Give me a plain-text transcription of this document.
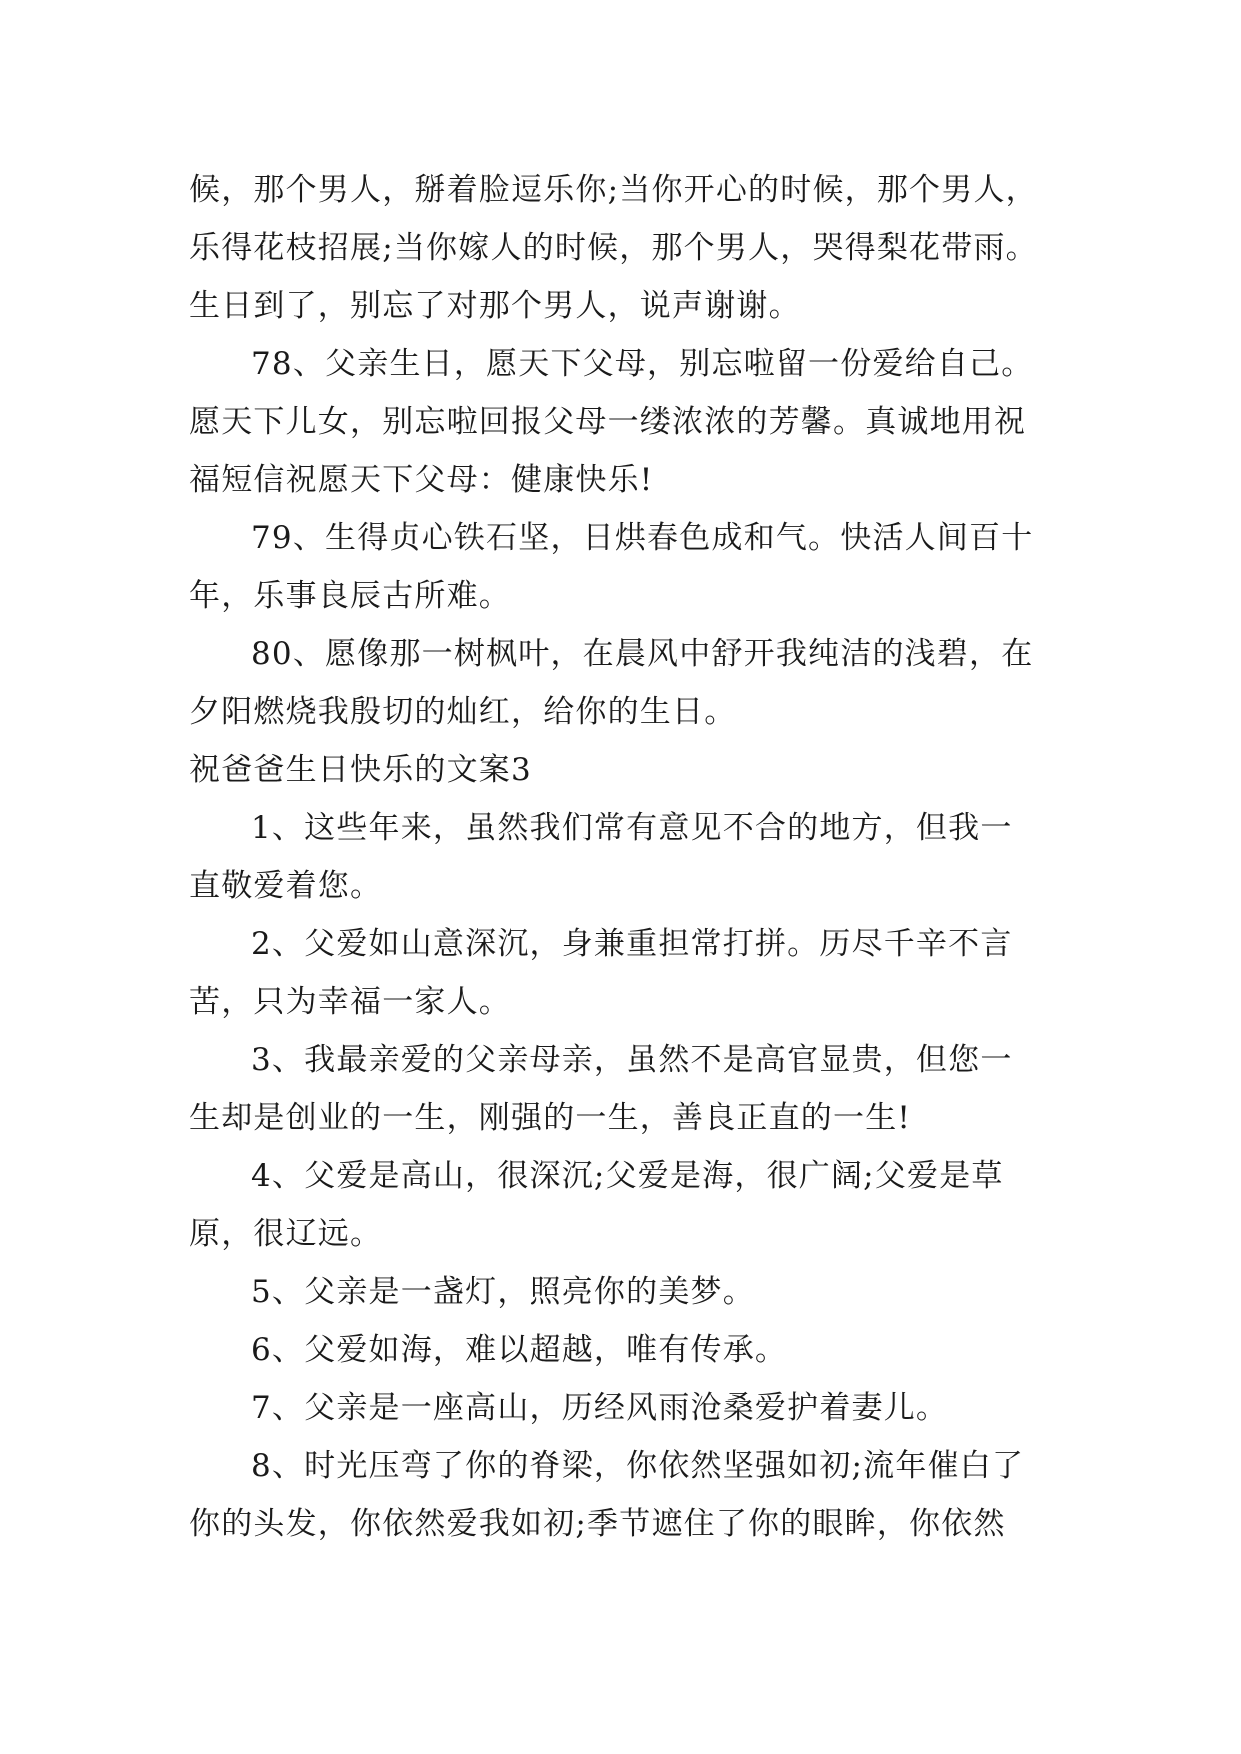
候，那个男人，掰着脸逗乐你;当你开心的时候，那个男人，

乐得花枝招展;当你嫁人的时候，那个男人，哭得梨花带雨。

生日到了，别忘了对那个男人，说声谢谢。

78、父亲生日，愿天下父母，别忘啦留一份爱给自己。

愿天下儿女，别忘啦回报父母一缕浓浓的芳馨。真诚地用祝

福短信祝愿天下父母：健康快乐!

79、生得贞心铁石坚，日烘春色成和气。快活人间百十

年，乐事良辰古所难。

80、愿像那一树枫叶，在晨风中舒开我纯洁的浅碧，在

夕阳燃烧我殷切的灿红，给你的生日。

祝爸爸生日快乐的文案3

1、这些年来，虽然我们常有意见不合的地方，但我一

直敬爱着您。

2、父爱如山意深沉，身兼重担常打拼。历尽千辛不言

苦，只为幸福一家人。

3、我最亲爱的父亲母亲，虽然不是高官显贵，但您一

生却是创业的一生，刚强的一生，善良正直的一生!

4、父爱是高山，很深沉;父爱是海，很广阔;父爱是草

原，很辽远。

5、父亲是一盏灯，照亮你的美梦。

6、父爱如海，难以超越，唯有传承。

7、父亲是一座高山，历经风雨沧桑爱护着妻儿。

8、时光压弯了你的脊梁，你依然坚强如初;流年催白了

你的头发，你依然爱我如初;季节遮住了你的眼眸，你依然
